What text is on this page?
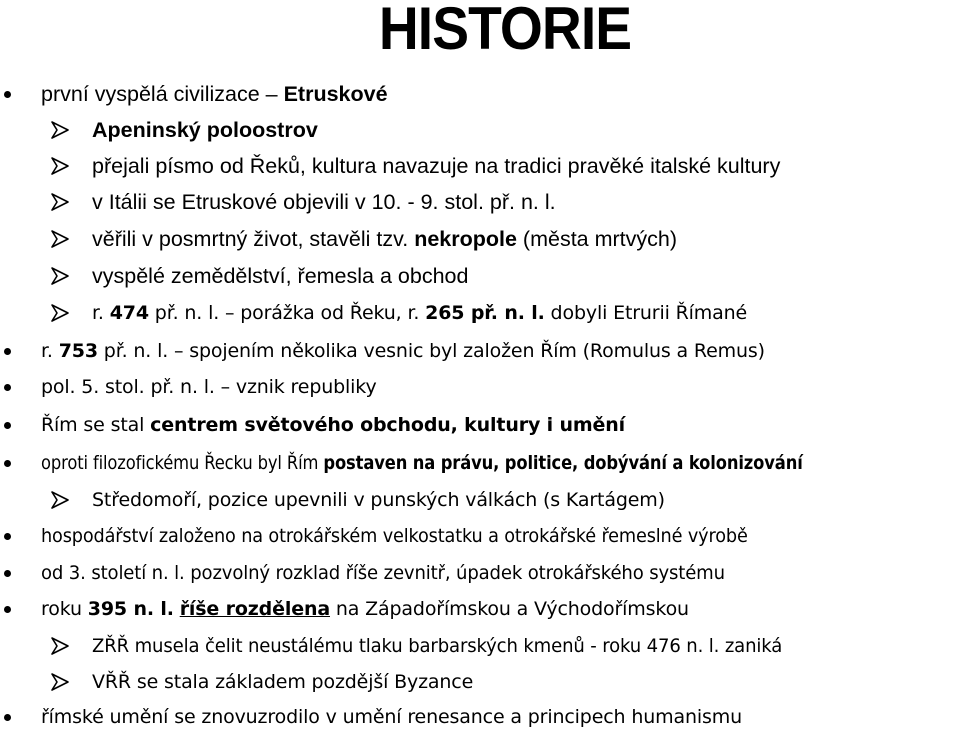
HISTORIE
první vyspělá civilizace – Etruskové
Apeninský poloostrov
přejali písmo od Řeků, kultura navazuje na tradici pravěké italské kultury
v Itálii se Etruskové objevili v 10. - 9. stol. př. n. l.
věřili v posmrtný život, stavěli tzv. nekropole (města mrtvých)
vyspělé zemědělství, řemesla a obchod
r. 474 př. n. l. – porážka od Řeku, r. 265 př. n. l. dobyli Etrurii Římané
r. 753 př. n. l. – spojením několika vesnic byl založen Řím (Romulus a Remus)
pol. 5. stol. př. n. l. – vznik republiky
Řím se stal centrem světového obchodu, kultury i umění
oproti filozofickému Řecku byl Řím postaven na právu, politice, dobývání a kolonizování
Středomoří, pozice upevnili v punských válkách (s Kartágem)
hospodářství založeno na otrokářském velkostatku a otrokářské řemeslné výrobě
od 3. století n. l. pozvolný rozklad říše zevnitř, úpadek otrokářského systému
roku 395 n. l. říše rozdělena na Západořímskou a Východořímskou
ZŘŘ musela čelit neustálému tlaku barbarských kmenů - roku 476 n. l. zaniká
VŘŘ se stala základem pozdější Byzance
římské umění se znovuzrodilo v umění renesance a principech humanismu
